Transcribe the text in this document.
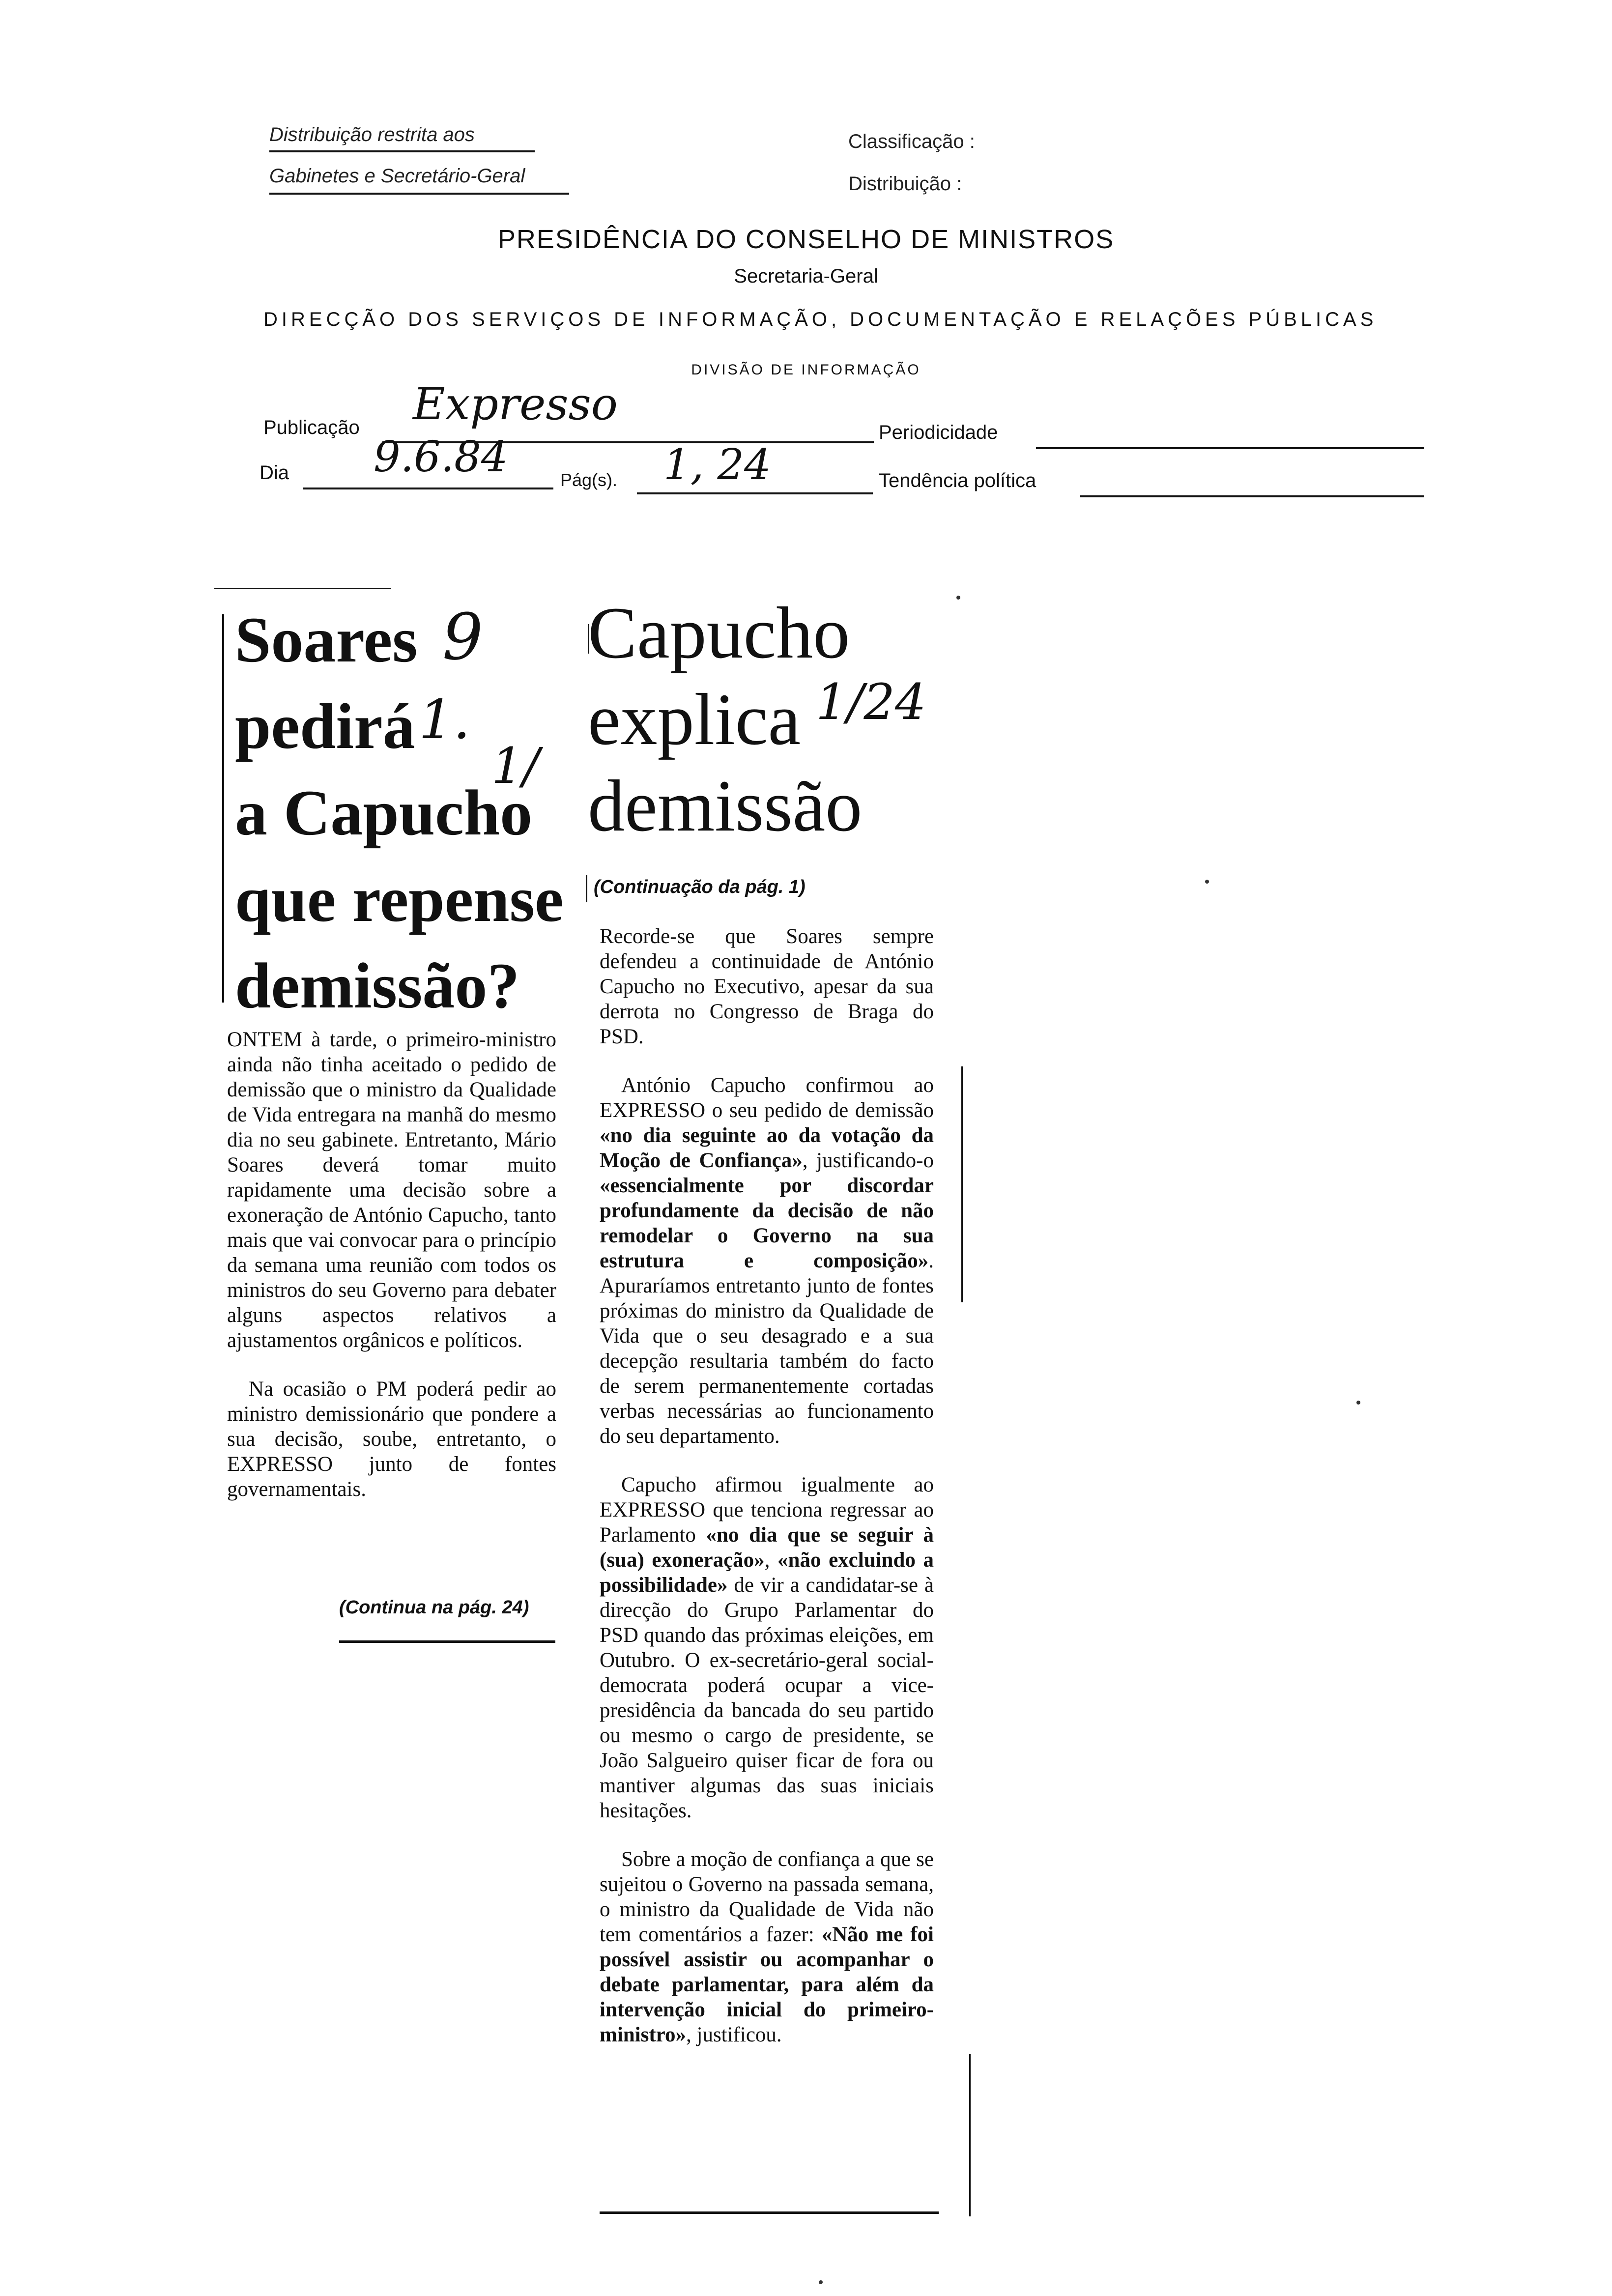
Distribuição restrita aos
Gabinetes e Secretário-Geral
Classificação :
Distribuição :
PRESIDÊNCIA DO CONSELHO DE MINISTROS
Secretaria-Geral
DIRECÇÃO DOS SERVIÇOS DE INFORMAÇÃO, DOCUMENTAÇÃO E RELAÇÕES PÚBLICAS
DIVISÃO DE INFORMAÇÃO
Publicação Expresso
Periodicidade
Dia 9.6.84	Pág(s). 1, 24	Tendência política
Soares
pedirá
a Capucho
que repense
demissão?
9
1.
1/

ONTEM à tarde, o primeiro-ministro ainda não tinha aceitado o pedido de demissão que o ministro da Qualidade de Vida entregara na manhã do mesmo dia no seu gabinete. Entretanto, Mário Soares deverá tomar muito rapidamente uma decisão sobre a exoneração de António Capucho, tanto mais que vai convocar para o princípio da semana uma reunião com todos os ministros do seu Governo para debater alguns aspectos relativos a ajustamentos orgânicos e políticos.

Na ocasião o PM poderá pedir ao ministro demissionário que pondere a sua decisão, soube, entretanto, o EXPRESSO junto de fontes governamentais.

(Continua na pág. 24)
Capucho
explica
demissão
1/24
(Continuação da pág. 1)

Recorde-se que Soares sempre defendeu a continuidade de António Capucho no Executivo, apesar da sua derrota no Congresso de Braga do PSD.

António Capucho confirmou ao EXPRESSO o seu pedido de demissão «no dia seguinte ao da votação da Moção de Confiança», justificando-o «essencialmente por discordar profundamente da decisão de não remodelar o Governo na sua estrutura e composição». Apuraríamos entretanto junto de fontes próximas do ministro da Qualidade de Vida que o seu desagrado e a sua decepção resultaria também do facto de serem permanentemente cortadas verbas necessárias ao funcionamento do seu departamento.

Capucho afirmou igualmente ao EXPRESSO que tenciona regressar ao Parlamento «no dia que se seguir à (sua) exoneração», «não excluindo a possibilidade» de vir a candidatar-se à direcção do Grupo Parlamentar do PSD quando das próximas eleições, em Outubro. O ex-secretário-geral social-democrata poderá ocupar a vice-presidência da bancada do seu partido ou mesmo o cargo de presidente, se João Salgueiro quiser ficar de fora ou mantiver algumas das suas iniciais hesitações.

Sobre a moção de confiança a que se sujeitou o Governo na passada semana, o ministro da Qualidade de Vida não tem comentários a fazer: «Não me foi possível assistir ou acompanhar o debate parlamentar, para além da intervenção inicial do primeiro-ministro», justificou.
